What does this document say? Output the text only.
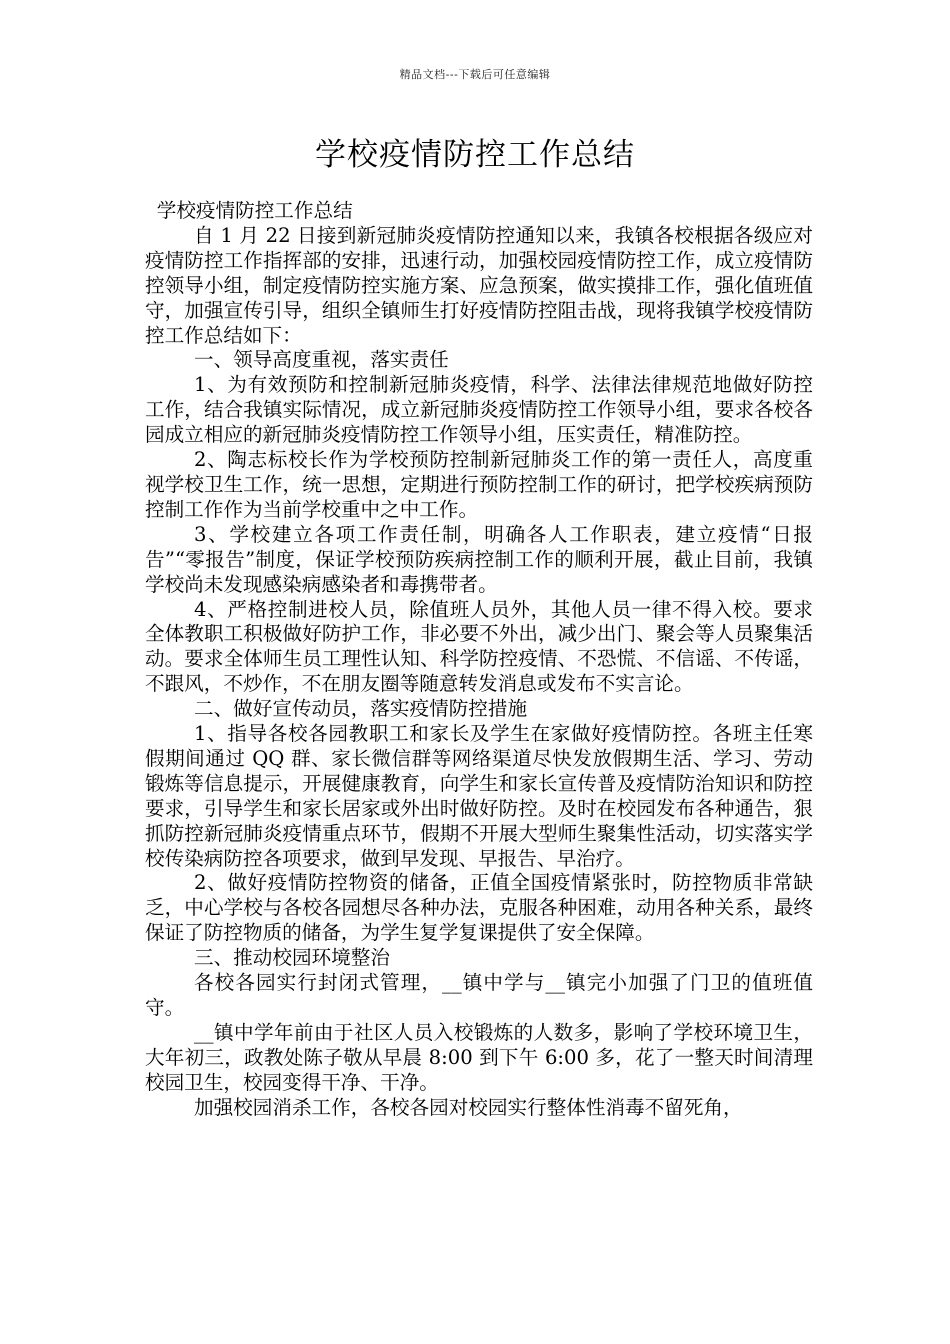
精品文档---下载后可任意编辑
学校疫情防控工作总结

学校疫情防控工作总结

自 1 月 22 日接到新冠肺炎疫情防控通知以来，我镇各校根据各级应对疫情防控工作指挥部的安排，迅速行动，加强校园疫情防控工作，成立疫情防控领导小组，制定疫情防控实施方案、应急预案，做实摸排工作，强化值班值守，加强宣传引导，组织全镇师生打好疫情防控阻击战，现将我镇学校疫情防控工作总结如下：

一、领导高度重视，落实责任

1、为有效预防和控制新冠肺炎疫情，科学、法律法律规范地做好防控工作，结合我镇实际情况，成立新冠肺炎疫情防控工作领导小组，要求各校各园成立相应的新冠肺炎疫情防控工作领导小组，压实责任，精准防控。

2、陶志标校长作为学校预防控制新冠肺炎工作的第一责任人，高度重视学校卫生工作，统一思想，定期进行预防控制工作的研讨，把学校疾病预防控制工作作为当前学校重中之中工作。

3、学校建立各项工作责任制，明确各人工作职表，建立疫情“日报告”“零报告”制度，保证学校预防疾病控制工作的顺利开展，截止目前，我镇学校尚未发现感染病感染者和毒携带者。

4、严格控制进校人员，除值班人员外，其他人员一律不得入校。要求全体教职工积极做好防护工作，非必要不外出，减少出门、聚会等人员聚集活动。要求全体师生员工理性认知、科学防控疫情、不恐慌、不信谣、不传谣，不跟风，不炒作，不在朋友圈等随意转发消息或发布不实言论。

二、做好宣传动员，落实疫情防控措施

1、指导各校各园教职工和家长及学生在家做好疫情防控。各班主任寒假期间通过 QQ 群、家长微信群等网络渠道尽快发放假期生活、学习、劳动锻炼等信息提示，开展健康教育，向学生和家长宣传普及疫情防治知识和防控要求，引导学生和家长居家或外出时做好防控。及时在校园发布各种通告，狠抓防控新冠肺炎疫情重点环节，假期不开展大型师生聚集性活动，切实落实学校传染病防控各项要求，做到早发现、早报告、早治疗。

2、做好疫情防控物资的储备，正值全国疫情紧张时，防控物质非常缺乏，中心学校与各校各园想尽各种办法，克服各种困难，动用各种关系，最终保证了防控物质的储备，为学生复学复课提供了安全保障。

三、推动校园环境整治

各校各园实行封闭式管理，__镇中学与__镇完小加强了门卫的值班值守。

__镇中学年前由于社区人员入校锻炼的人数多，影响了学校环境卫生，大年初三，政教处陈子敬从早晨 8:00 到下午 6:00 多，花了一整天时间清理校园卫生，校园变得干净、干净。

加强校园消杀工作，各校各园对校园实行整体性消毒不留死角，
